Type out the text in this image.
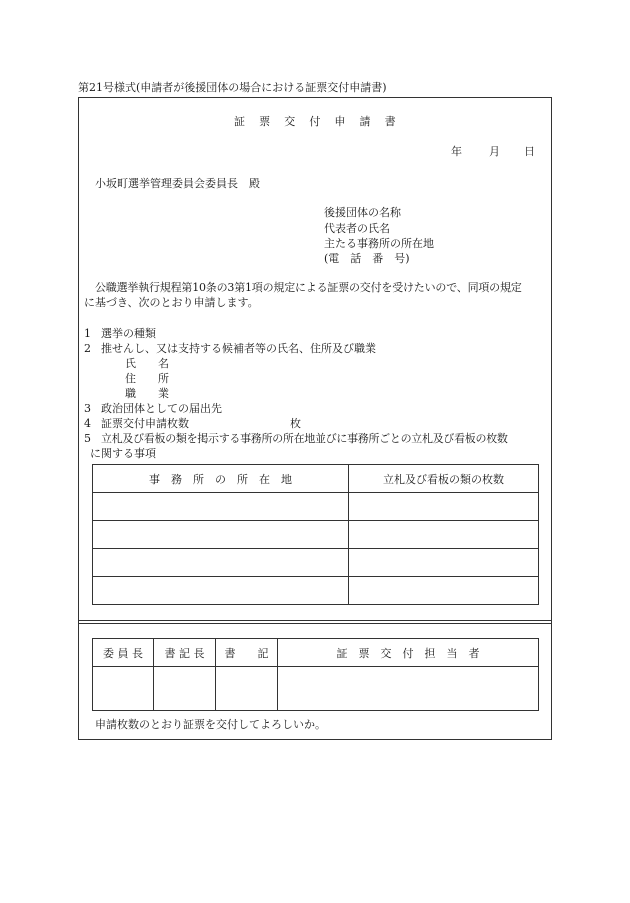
第21号様式(申請者が後援団体の場合における証票交付申請書)
証 票 交 付 申 請 書
年 月 日
小坂町選挙管理委員会委員長　殿
後援団体の名称
代表者の氏名
主たる事務所の所在地
(電　話　番　号)
公職選挙執行規程第10条の3第1項の規定による証票の交付を受けたいので、同項の規定
に基づき、次のとおり申請します。
1 選挙の種類
2 推せんし、又は支持する候補者等の氏名、住所及び職業
氏　　名
住　　所
職　　業
3 政治団体としての届出先
4 証票交付申請枚数	枚
5 立札及び看板の類を掲示する事務所の所在地並びに事務所ごとの立札及び看板の枚数
に関する事項
事　務　所　の　所　在　地	立札及び看板の類の枚数

委 員 長	書 記 長	書　　記	証　票　交　付　担　当　者

申請枚数のとおり証票を交付してよろしいか。
